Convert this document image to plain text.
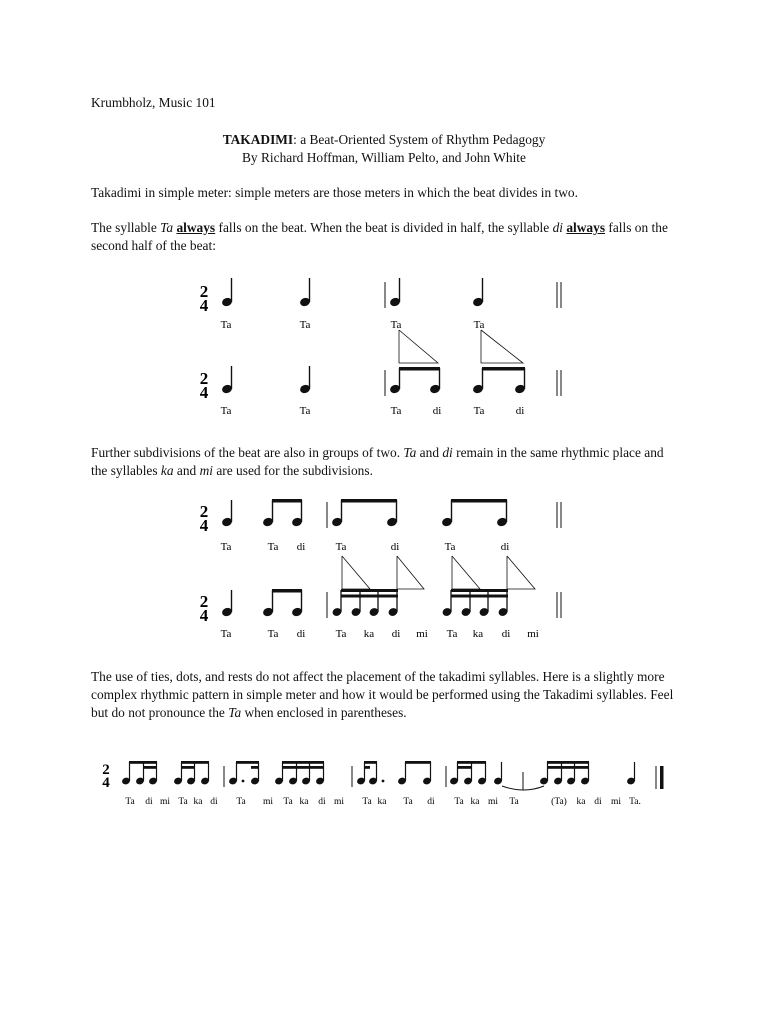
Krumbholz, Music 101
TAKADIMI: a Beat-Oriented System of Rhythm Pedagogy
By Richard Hoffman, William Pelto, and John White
Takadimi in simple meter: simple meters are those meters in which the beat divides in two.

The syllable Ta always falls on the beat. When the beat is divided in half, the syllable di always falls on the second half of the beat:

2
4
Ta	Ta	Ta	Ta
2
4
Ta	Ta	Ta	di	Ta	di

Further subdivisions of the beat are also in groups of two. Ta and di remain in the same rhythmic place and the syllables ka and mi are used for the subdivisions.

2
4
Ta	Ta di	Ta	di	Ta	di
2
4
Ta	Ta di	Ta ka di mi Ta ka di mi

The use of ties, dots, and rests do not affect the placement of the takadimi syllables. Here is a slightly more complex rhythmic pattern in simple meter and how it would be performed using the Takadimi syllables. Feel but do not pronounce the Ta when enclosed in parentheses.

2
4
Ta di mi Ta ka di Ta mi Ta ka di mi Ta ka Ta di Ta ka mi Ta	(Ta) ka di mi Ta.
